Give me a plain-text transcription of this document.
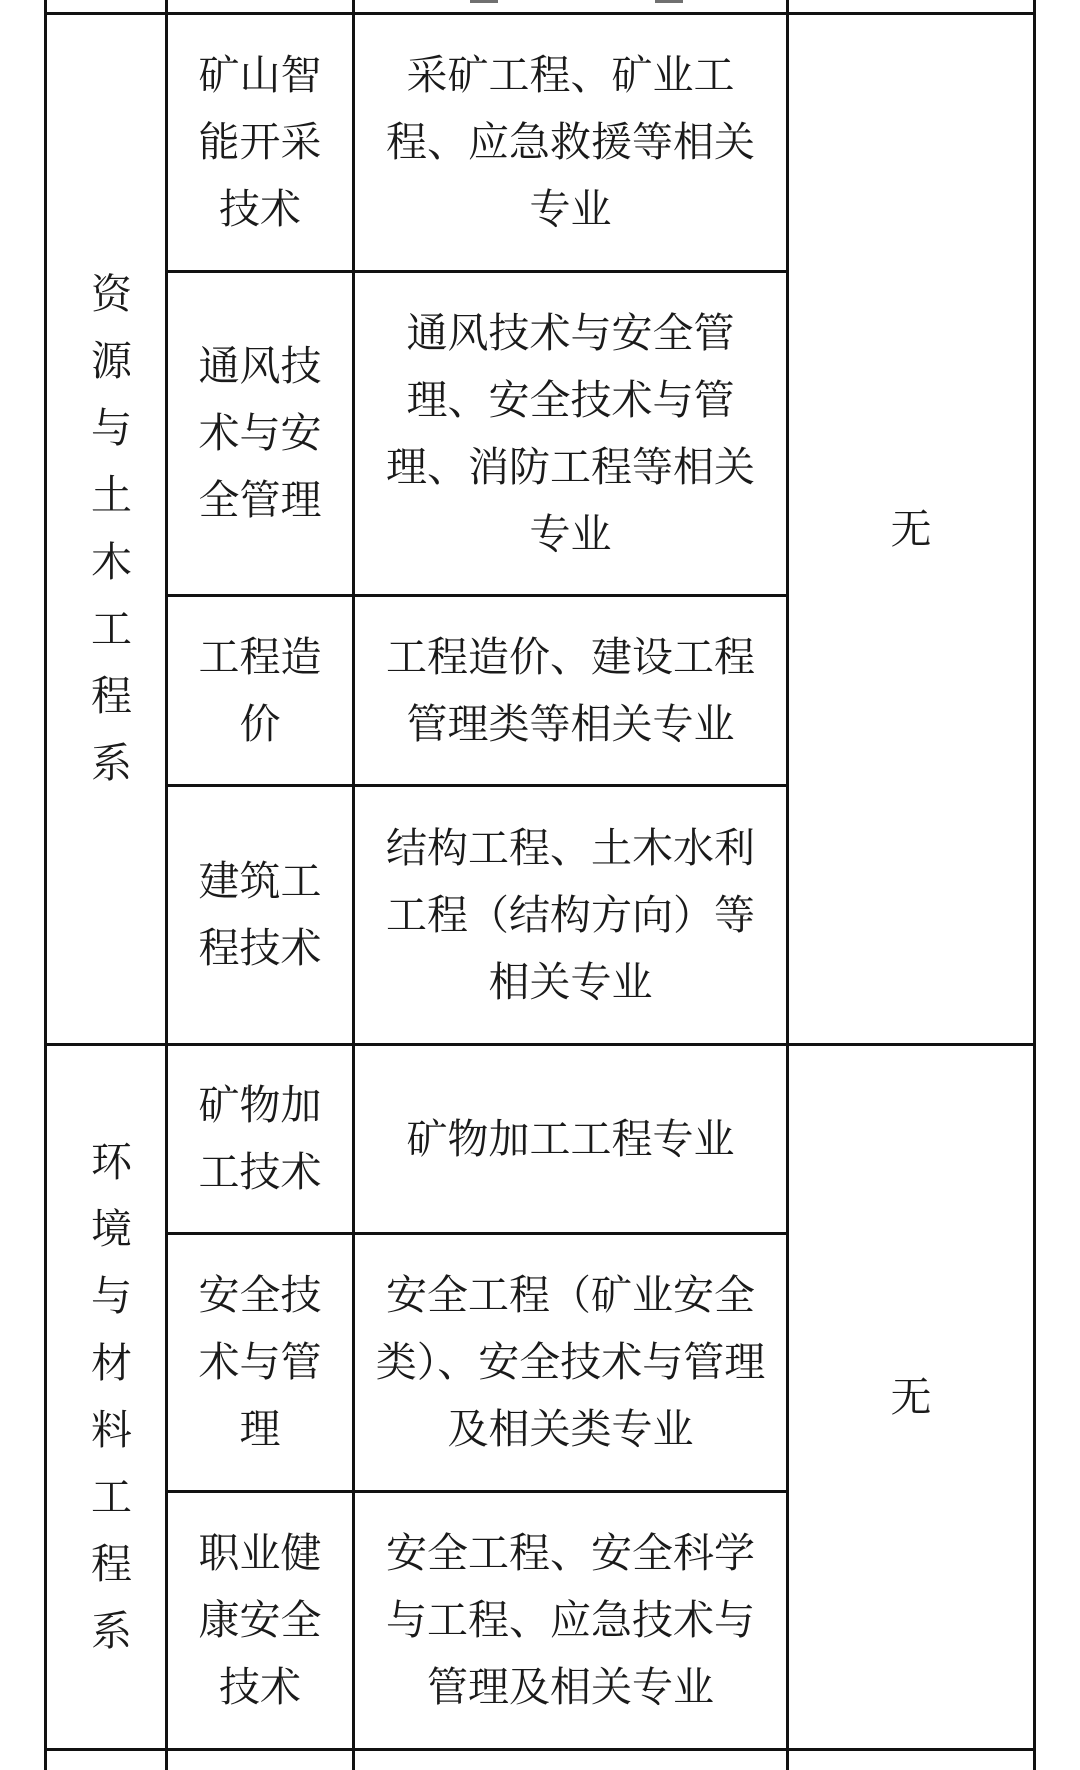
资源与土木工程系
无
矿山智能开采技术
采矿工程、矿业工程、应急救援等相关专业
通风技术与安全管理
通风技术与安全管理、安全技术与管理、消防工程等相关专业
工程造价
工程造价、建设工程管理类等相关专业
建筑工程技术
结构工程、土木水利工程（结构方向）等相关专业
环境与材料工程系
无
矿物加工技术
矿物加工工程专业
安全技术与管理
安全工程（矿业安全类）、安全技术与管理及相关类专业
职业健康安全技术
安全工程、安全科学与工程、应急技术与管理及相关专业
